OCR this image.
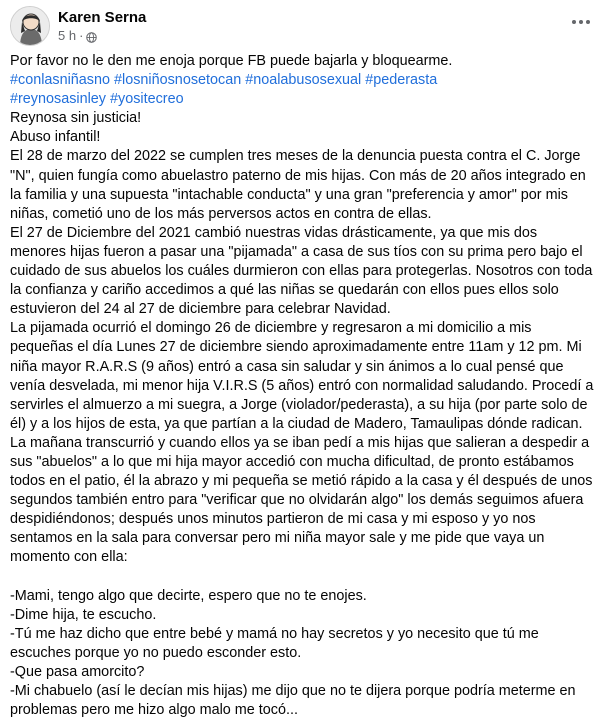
Karen Serna
5 h ·

Por favor no le den me enoja porque FB puede bajarla y bloquearme.

#conlasniñasno #losniñosnosetocan #noalabusosexual #pederasta

#reynosasinley #yositecreo

Reynosa sin justicia!

Abuso infantil!

El 28 de marzo del 2022 se cumplen tres meses de la denuncia puesta contra el C. Jorge "N", quien fungía como abuelastro paterno de mis hijas. Con más de 20 años integrado en la familia y una supuesta "intachable conducta" y una gran "preferencia y amor" por mis niñas, cometió uno de los más perversos actos en contra de ellas.

El 27 de Diciembre del 2021 cambió nuestras vidas drásticamente, ya que mis dos menores hijas fueron a pasar una "pijamada" a casa de sus tíos con su prima pero bajo el cuidado de sus abuelos los cuáles durmieron con ellas para protegerlas. Nosotros con toda la confianza y cariño accedimos a qué las niñas se quedarán con ellos pues ellos solo estuvieron del 24 al 27 de diciembre para celebrar Navidad.

La pijamada ocurrió el domingo 26 de diciembre y regresaron a mi domicilio a mis pequeñas el día Lunes 27 de diciembre siendo aproximadamente entre 11am y 12 pm. Mi niña mayor R.A.R.S (9 años) entró a casa sin saludar y sin ánimos a lo cual pensé que venía desvelada, mi menor hija V.I.R.S (5 años) entró con normalidad saludando. Procedí a servirles el almuerzo a mi suegra, a Jorge (violador/pederasta), a su hija (por parte solo de él) y a los hijos de esta, ya que partían a la ciudad de Madero, Tamaulipas dónde radican.

La mañana transcurrió y cuando ellos ya se iban pedí a mis hijas que salieran a despedir a sus "abuelos" a lo que mi hija mayor accedió con mucha dificultad, de pronto estábamos todos en el patio, él la abrazo y mi pequeña se metió rápido a la casa y él después de unos segundos también entro para "verificar que no olvidarán algo" los demás seguimos afuera despidiéndonos; después unos minutos partieron de mi casa y mi esposo y yo nos sentamos en la sala para conversar pero mi niña mayor sale y me pide que vaya un momento con ella:

-Mami, tengo algo que decirte, espero que no te enojes.

-Dime hija, te escucho.

-Tú me haz dicho que entre bebé y mamá no hay secretos y yo necesito que tú me escuches porque yo no puedo esconder esto.

-Que pasa amorcito?

-Mi chabuelo (así le decían mis hijas) me dijo que no te dijera porque podría meterme en problemas pero me hizo algo malo me tocó...
